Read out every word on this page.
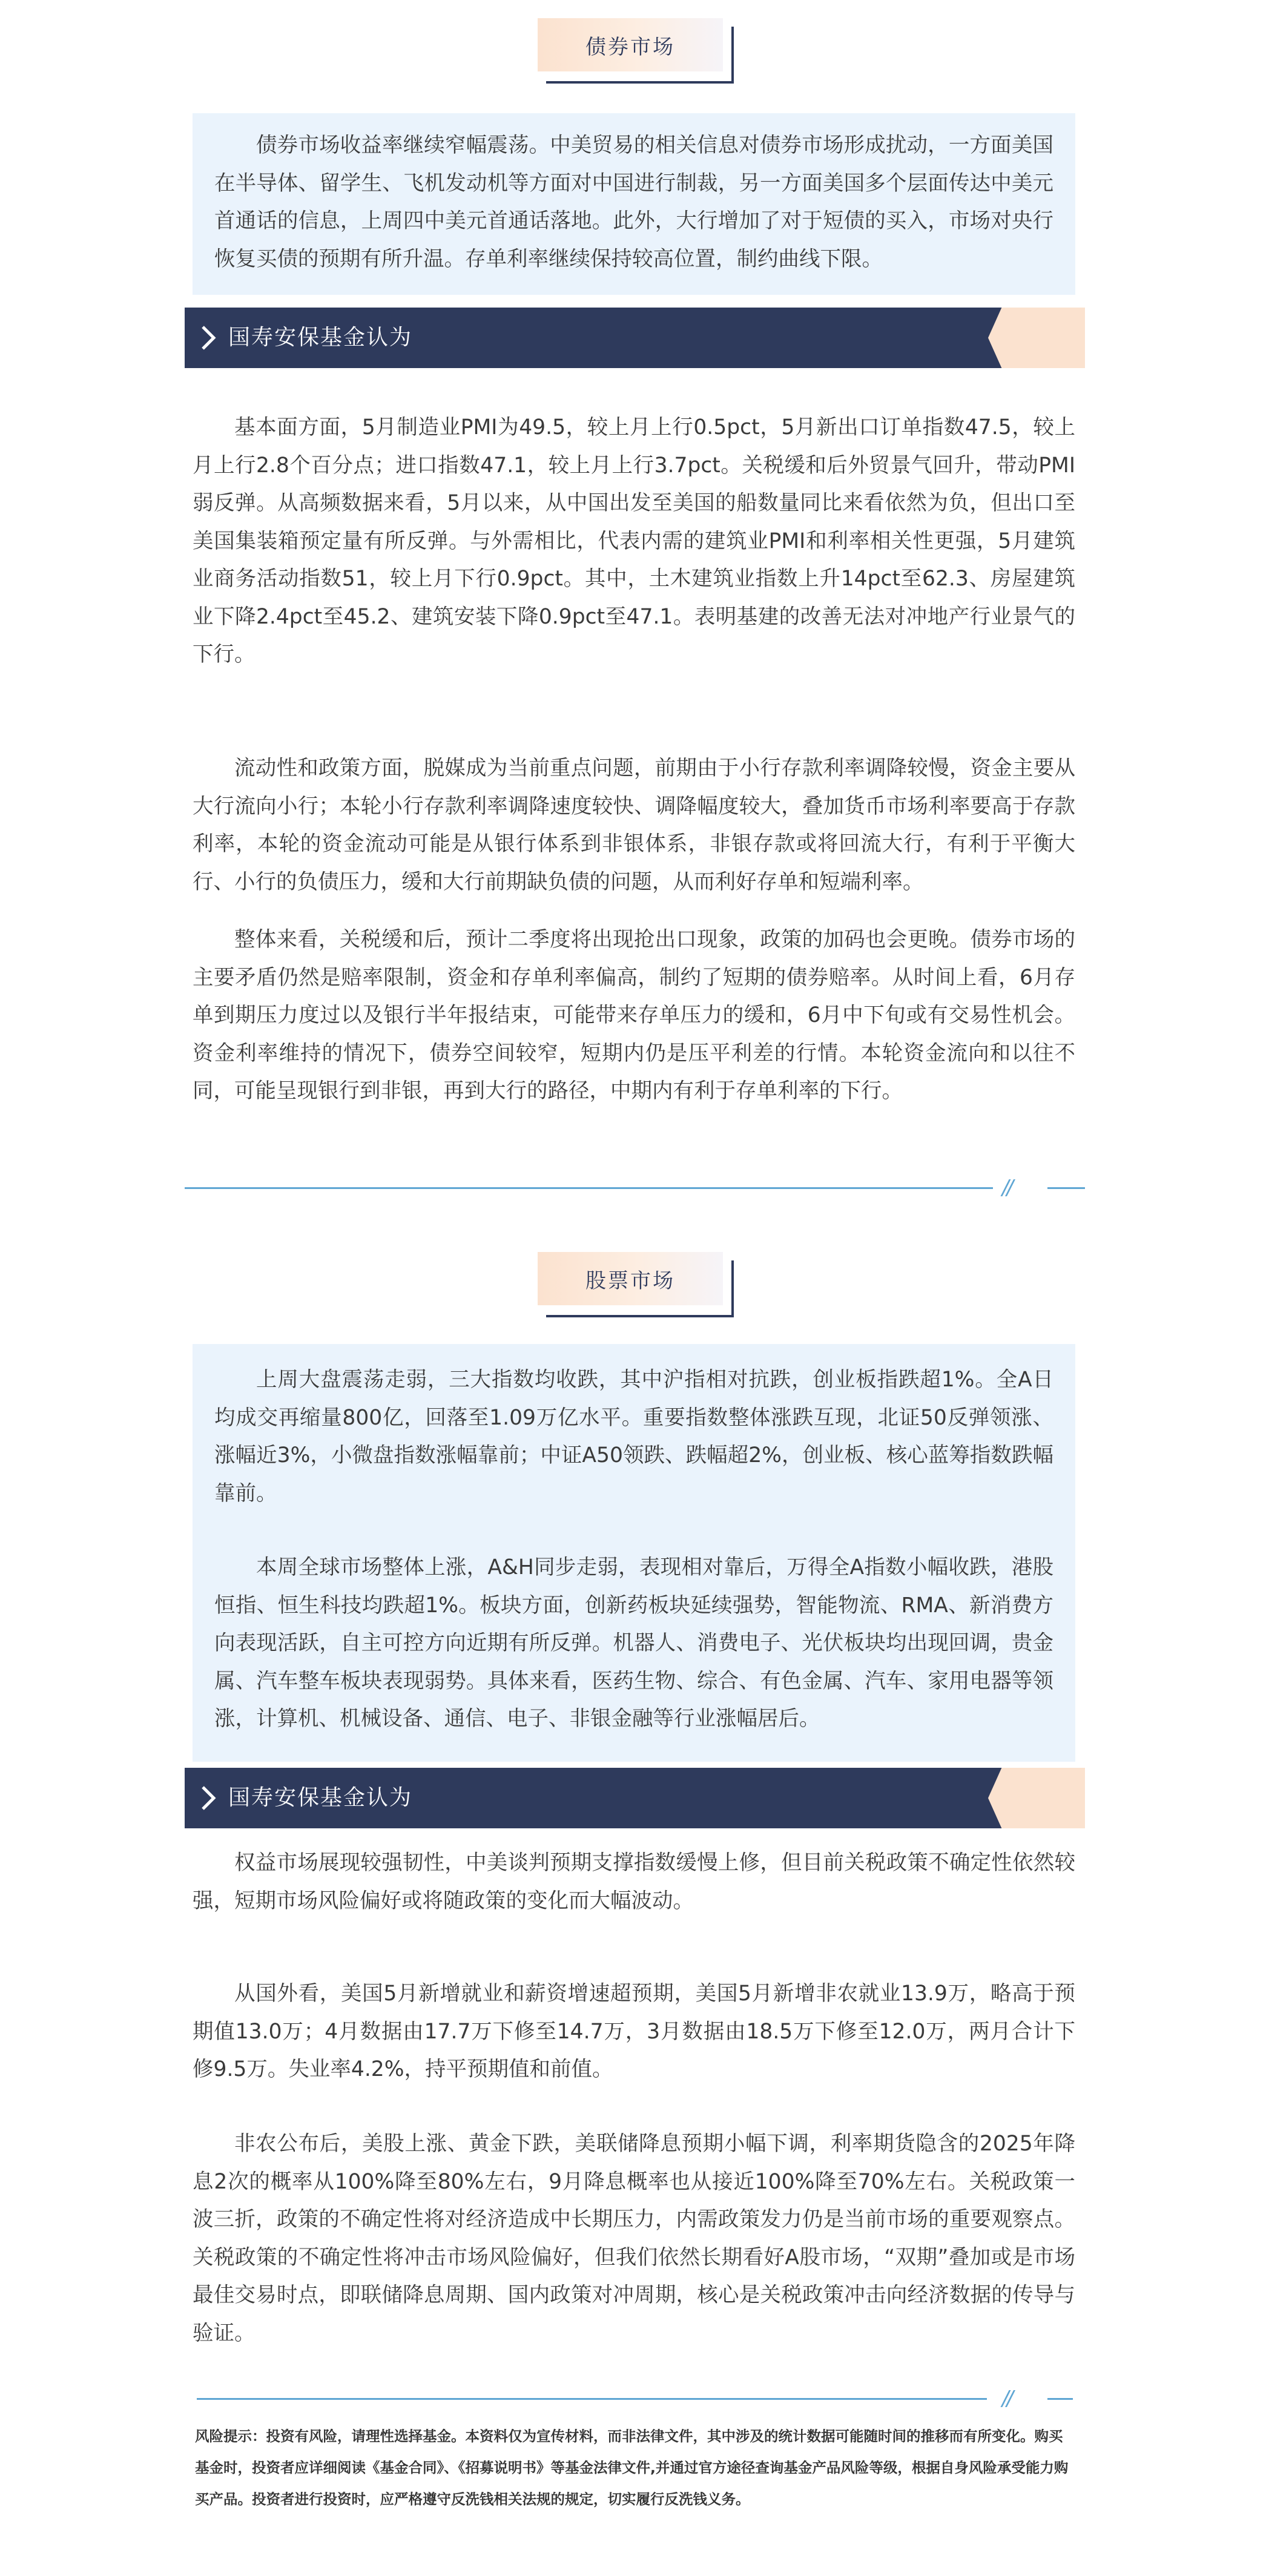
债券市场

债券市场收益率继续窄幅震荡。中美贸易的相关信息对债券市场形成扰动，一方面美国在半导体、留学生、飞机发动机等方面对中国进行制裁，另一方面美国多个层面传达中美元首通话的信息，上周四中美元首通话落地。此外，大行增加了对于短债的买入，市场对央行恢复买债的预期有所升温。存单利率继续保持较高位置，制约曲线下限。

国寿安保基金认为

基本面方面，5月制造业PMI为49.5，较上月上行0.5pct，5月新出口订单指数47.5，较上月上行2.8个百分点；进口指数47.1，较上月上行3.7pct。关税缓和后外贸景气回升，带动PMI弱反弹。从高频数据来看，5月以来，从中国出发至美国的船数量同比来看依然为负，但出口至美国集装箱预定量有所反弹。与外需相比，代表内需的建筑业PMI和利率相关性更强，5月建筑业商务活动指数51，较上月下行0.9pct。其中，土木建筑业指数上升14pct至62.3、房屋建筑业下降2.4pct至45.2、建筑安装下降0.9pct至47.1。表明基建的改善无法对冲地产行业景气的下行。

流动性和政策方面，脱媒成为当前重点问题，前期由于小行存款利率调降较慢，资金主要从大行流向小行；本轮小行存款利率调降速度较快、调降幅度较大，叠加货币市场利率要高于存款利率，本轮的资金流动可能是从银行体系到非银体系，非银存款或将回流大行，有利于平衡大行、小行的负债压力，缓和大行前期缺负债的问题，从而利好存单和短端利率。

整体来看，关税缓和后，预计二季度将出现抢出口现象，政策的加码也会更晚。债券市场的主要矛盾仍然是赔率限制，资金和存单利率偏高，制约了短期的债券赔率。从时间上看，6月存单到期压力度过以及银行半年报结束，可能带来存单压力的缓和，6月中下旬或有交易性机会。资金利率维持的情况下，债券空间较窄，短期内仍是压平利差的行情。本轮资金流向和以往不同，可能呈现银行到非银，再到大行的路径，中期内有利于存单利率的下行。

//
股票市场

上周大盘震荡走弱，三大指数均收跌，其中沪指相对抗跌，创业板指跌超1%。全A日均成交再缩量800亿，回落至1.09万亿水平。重要指数整体涨跌互现，北证50反弹领涨、涨幅近3%，小微盘指数涨幅靠前；中证A50领跌、跌幅超2%，创业板、核心蓝筹指数跌幅靠前。

本周全球市场整体上涨，A&H同步走弱，表现相对靠后，万得全A指数小幅收跌，港股恒指、恒生科技均跌超1%。板块方面，创新药板块延续强势，智能物流、RMA、新消费方向表现活跃，自主可控方向近期有所反弹。机器人、消费电子、光伏板块均出现回调，贵金属、汽车整车板块表现弱势。具体来看，医药生物、综合、有色金属、汽车、家用电器等领涨，计算机、机械设备、通信、电子、非银金融等行业涨幅居后。

国寿安保基金认为

权益市场展现较强韧性，中美谈判预期支撑指数缓慢上修，但目前关税政策不确定性依然较强，短期市场风险偏好或将随政策的变化而大幅波动。

从国外看，美国5月新增就业和薪资增速超预期，美国5月新增非农就业13.9万，略高于预期值13.0万；4月数据由17.7万下修至14.7万，3月数据由18.5万下修至12.0万，两月合计下修9.5万。失业率4.2%，持平预期值和前值。

非农公布后，美股上涨、黄金下跌，美联储降息预期小幅下调，利率期货隐含的2025年降息2次的概率从100%降至80%左右，9月降息概率也从接近100%降至70%左右。关税政策一波三折，政策的不确定性将对经济造成中长期压力，内需政策发力仍是当前市场的重要观察点。关税政策的不确定性将冲击市场风险偏好，但我们依然长期看好A股市场，“双期”叠加或是市场最佳交易时点，即联储降息周期、国内政策对冲周期，核心是关税政策冲击向经济数据的传导与验证。

//

风险提示：投资有风险，请理性选择基金。本资料仅为宣传材料，而非法律文件，其中涉及的统计数据可能随时间的推移而有所变化。购买基金时，投资者应详细阅读《基金合同》、《招募说明书》等基金法律文件,并通过官方途径查询基金产品风险等级，根据自身风险承受能力购买产品。投资者进行投资时，应严格遵守反洗钱相关法规的规定，切实履行反洗钱义务。
